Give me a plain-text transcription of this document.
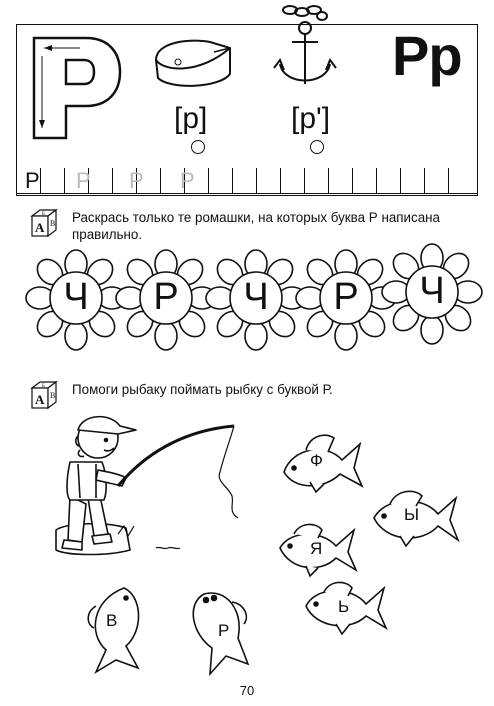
Рр
[р]	[р']
Р Р Р Р
А В
Б Раскрась только те ромашки, на которых буква Р написана
правильно.
Ч	Р	Ч	Р	Ч
А В
Б Помоги рыбаку поймать рыбку с буквой Р.
Ф
Ы
Я
Ь
В
Р
70
